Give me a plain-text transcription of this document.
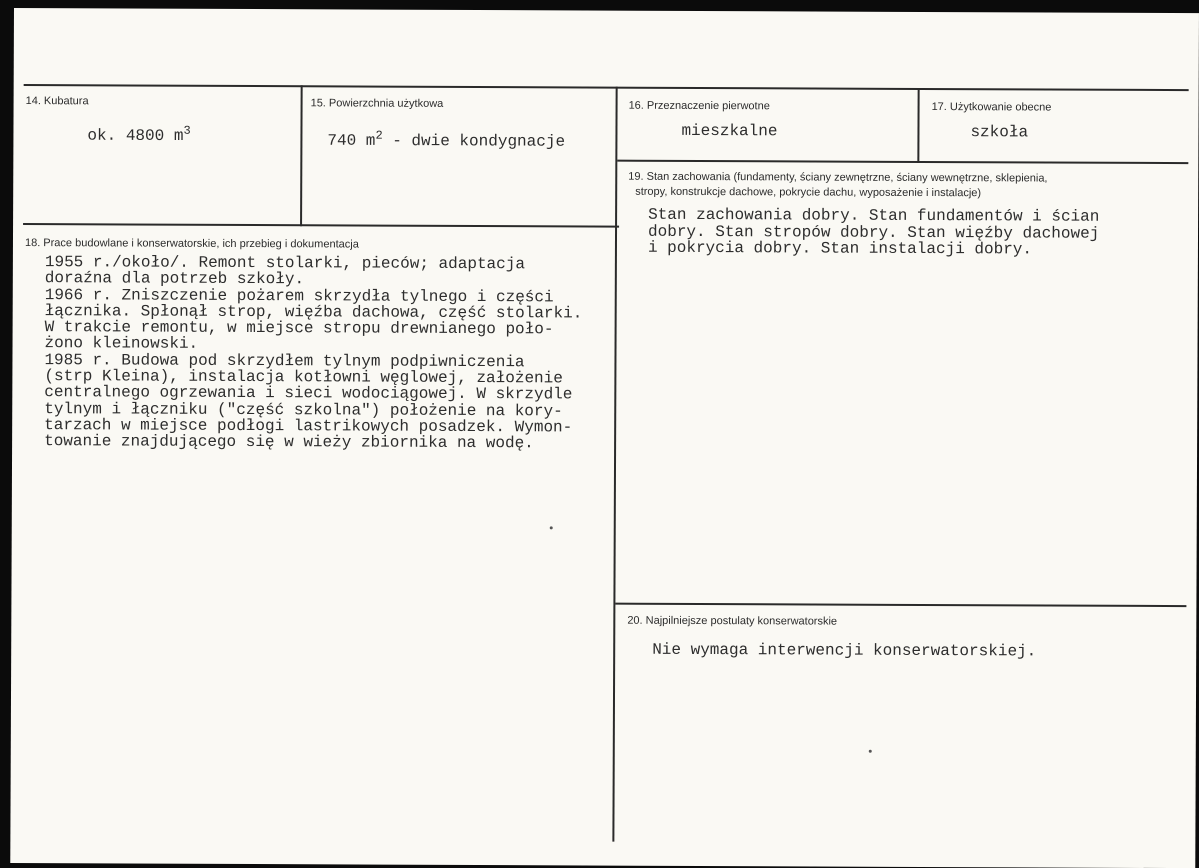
14. Kubatura
ok. 4800 $m^3$
15. Powierzchnia użytkowa
740 $m^2$ - dwie kondygnacje
16. Przeznaczenie pierwotne
mieszkalne
17. Użytkowanie obecne
szkoła
18. Prace budowlane i konserwatorskie, ich przebieg i dokumentacja
1955 r./około/. Remont stolarki, pieców; adaptacja
doraźna dla potrzeb szkoły.
1966 r. Zniszczenie pożarem skrzydła tylnego i części
łącznika. Spłonął strop, więźba dachowa, część stolarki.
W trakcie remontu, w miejsce stropu drewnianego poło-
żono kleinowski.
1985 r. Budowa pod skrzydłem tylnym podpiwniczenia
(strp Kleina), instalacja kotłowni węglowej, założenie
centralnego ogrzewania i sieci wodociągowej. W skrzydle
tylnym i łączniku ("część szkolna") położenie na kory-
tarzach w miejsce podłogi lastrikowych posadzek. Wymon-
towanie znajdującego się w wieży zbiornika na wodę.
19. Stan zachowania (fundamenty, ściany zewnętrzne, ściany wewnętrzne, sklepienia,
stropy, konstrukcje dachowe, pokrycie dachu, wyposażenie i instalacje)
Stan zachowania dobry. Stan fundamentów i ścian
dobry. Stan stropów dobry. Stan więźby dachowej
i pokrycia dobry. Stan instalacji dobry.
20. Najpilniejsze postulaty konserwatorskie
Nie wymaga interwencji konserwatorskiej.
